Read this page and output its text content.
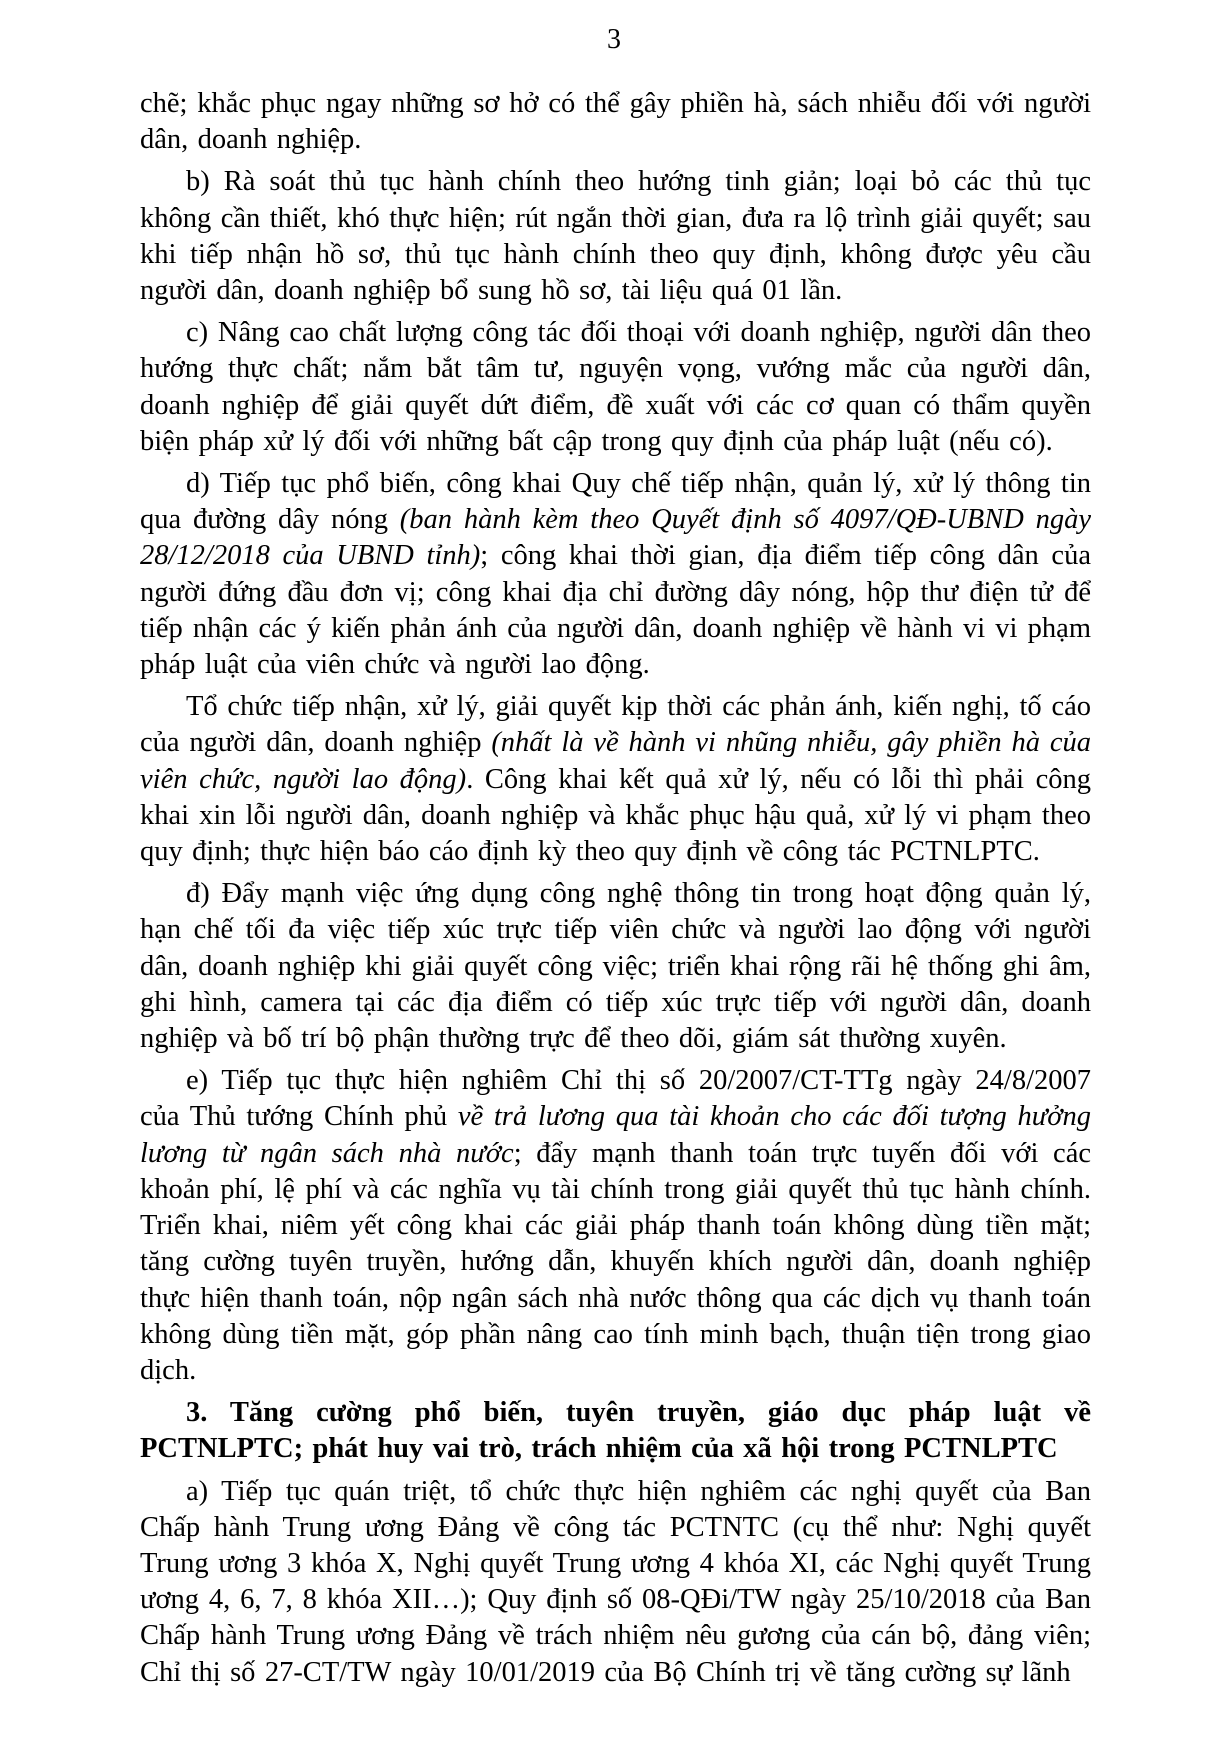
3

chẽ; khắc phục ngay những sơ hở có thể gây phiền hà, sách nhiễu đối với người dân, doanh nghiệp.

b) Rà soát thủ tục hành chính theo hướng tinh giản; loại bỏ các thủ tục không cần thiết, khó thực hiện; rút ngắn thời gian, đưa ra lộ trình giải quyết; sau khi tiếp nhận hồ sơ, thủ tục hành chính theo quy định, không được yêu cầu người dân, doanh nghiệp bổ sung hồ sơ, tài liệu quá 01 lần.

c) Nâng cao chất lượng công tác đối thoại với doanh nghiệp, người dân theo hướng thực chất; nắm bắt tâm tư, nguyện vọng, vướng mắc của người dân, doanh nghiệp để giải quyết dứt điểm, đề xuất với các cơ quan có thẩm quyền biện pháp xử lý đối với những bất cập trong quy định của pháp luật (nếu có).

d) Tiếp tục phổ biến, công khai Quy chế tiếp nhận, quản lý, xử lý thông tin qua đường dây nóng (ban hành kèm theo Quyết định số 4097/QĐ-UBND ngày 28/12/2018 của UBND tỉnh); công khai thời gian, địa điểm tiếp công dân của người đứng đầu đơn vị; công khai địa chỉ đường dây nóng, hộp thư điện tử để tiếp nhận các ý kiến phản ánh của người dân, doanh nghiệp về hành vi vi phạm pháp luật của viên chức và người lao động.

Tổ chức tiếp nhận, xử lý, giải quyết kịp thời các phản ánh, kiến nghị, tố cáo của người dân, doanh nghiệp (nhất là về hành vi nhũng nhiễu, gây phiền hà của viên chức, người lao động). Công khai kết quả xử lý, nếu có lỗi thì phải công khai xin lỗi người dân, doanh nghiệp và khắc phục hậu quả, xử lý vi phạm theo quy định; thực hiện báo cáo định kỳ theo quy định về công tác PCTNLPTC.

đ) Đẩy mạnh việc ứng dụng công nghệ thông tin trong hoạt động quản lý, hạn chế tối đa việc tiếp xúc trực tiếp viên chức và người lao động với người dân, doanh nghiệp khi giải quyết công việc; triển khai rộng rãi hệ thống ghi âm, ghi hình, camera tại các địa điểm có tiếp xúc trực tiếp với người dân, doanh nghiệp và bố trí bộ phận thường trực để theo dõi, giám sát thường xuyên.

e) Tiếp tục thực hiện nghiêm Chỉ thị số 20/2007/CT-TTg ngày 24/8/2007 của Thủ tướng Chính phủ về trả lương qua tài khoản cho các đối tượng hưởng lương từ ngân sách nhà nước; đẩy mạnh thanh toán trực tuyến đối với các khoản phí, lệ phí và các nghĩa vụ tài chính trong giải quyết thủ tục hành chính. Triển khai, niêm yết công khai các giải pháp thanh toán không dùng tiền mặt; tăng cường tuyên truyền, hướng dẫn, khuyến khích người dân, doanh nghiệp thực hiện thanh toán, nộp ngân sách nhà nước thông qua các dịch vụ thanh toán không dùng tiền mặt, góp phần nâng cao tính minh bạch, thuận tiện trong giao dịch.

3. Tăng cường phổ biến, tuyên truyền, giáo dục pháp luật về PCTNLPTC; phát huy vai trò, trách nhiệm của xã hội trong PCTNLPTC

a) Tiếp tục quán triệt, tổ chức thực hiện nghiêm các nghị quyết của Ban Chấp hành Trung ương Đảng về công tác PCTNTC (cụ thể như: Nghị quyết Trung ương 3 khóa X, Nghị quyết Trung ương 4 khóa XI, các Nghị quyết Trung ương 4, 6, 7, 8 khóa XII…); Quy định số 08-QĐi/TW ngày 25/10/2018 của Ban Chấp hành Trung ương Đảng về trách nhiệm nêu gương của cán bộ, đảng viên; Chỉ thị số 27-CT/TW ngày 10/01/2019 của Bộ Chính trị về tăng cường sự lãnh
